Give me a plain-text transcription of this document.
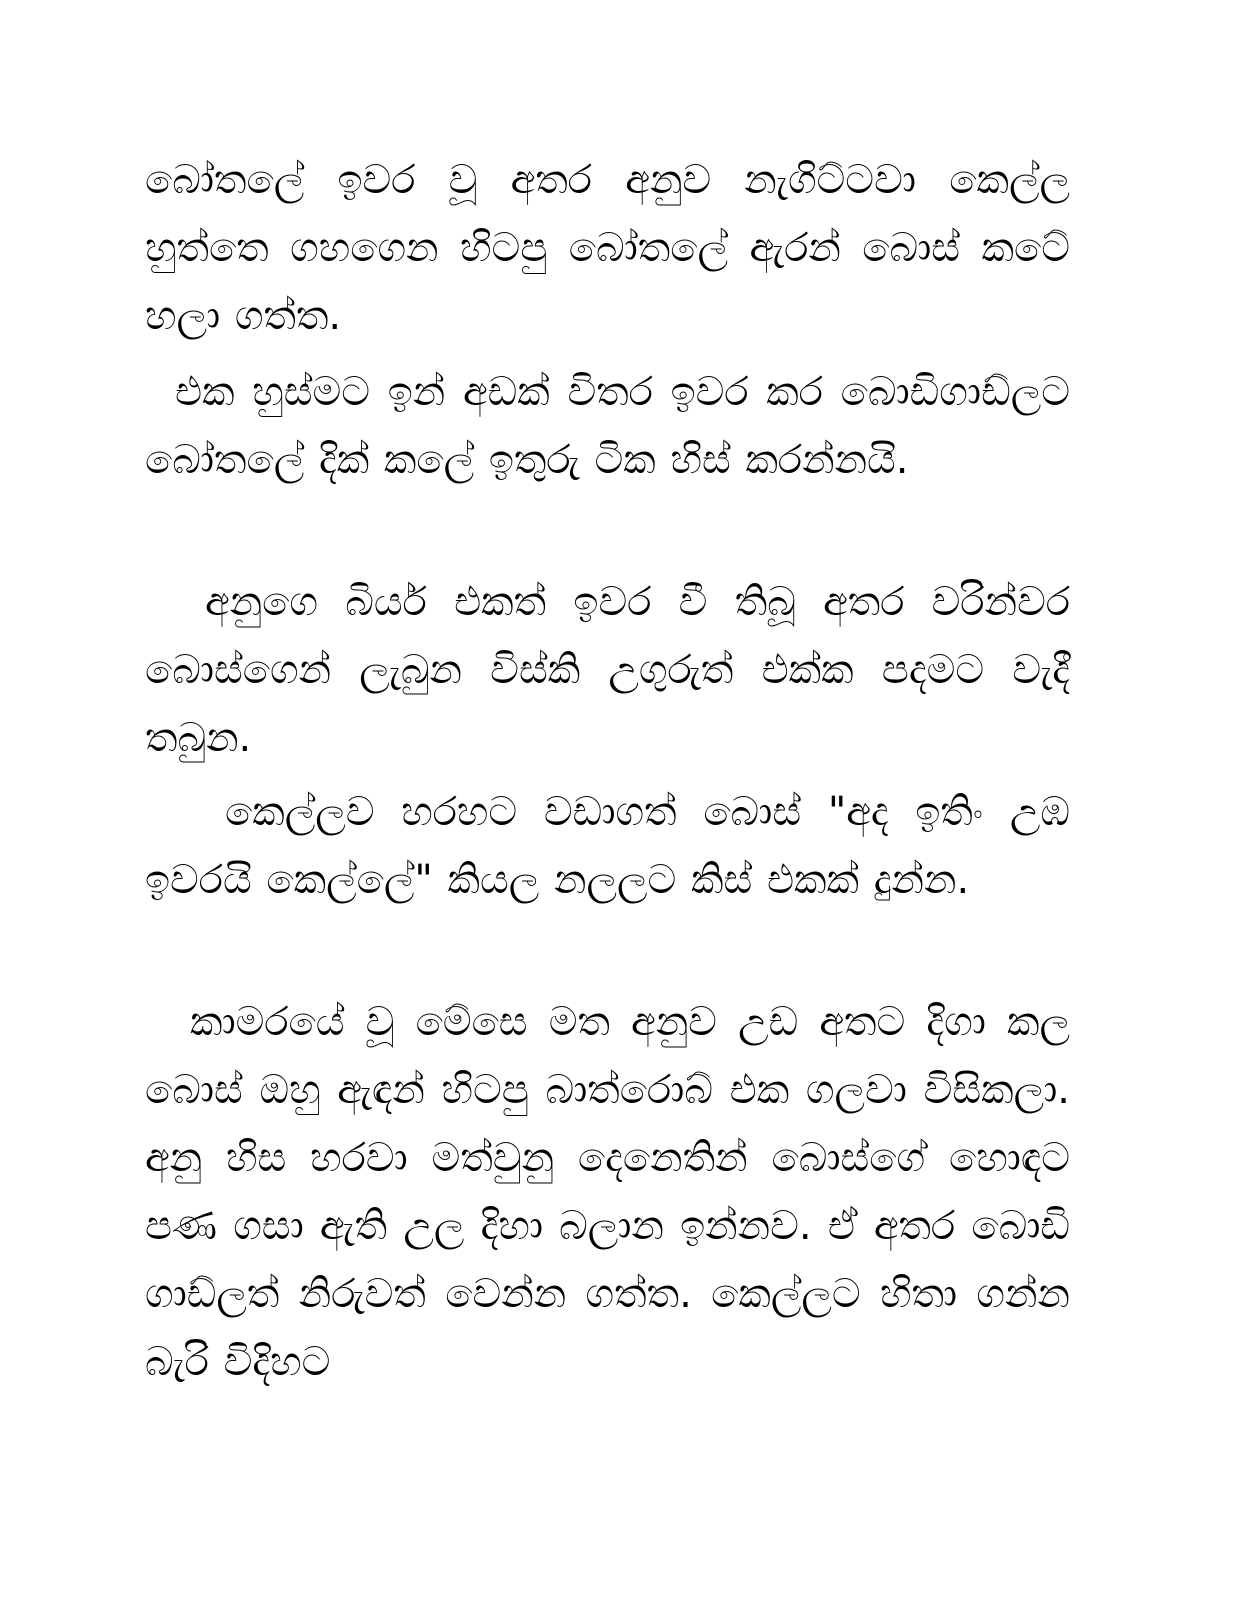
බෝතලේ ඉවර වූ අතර අනුව නැගිට්ටවා කෙල්ල හුත්තෙ ගහගෙන හිටපු බෝතලේ ඇරන් බොස් කටේ හලා ගත්ත.

එක හුස්මට ඉන් අඩක් විතර ඉවර කර බොඩිගාඩ්ලට බෝතලේ දික් කලේ ඉතුරු ටික හිස් කරන්නයි.

අනුගෙ බියර් එකත් ඉවර වී තිබූ අතර වරින්වර බොස්ගෙන් ලැබුන විස්කි උගුරුත් එක්ක පදමට වැදී තබුන.

කෙල්ලව හරහට වඩාගත් බොස් "අද ඉතිං උඹ ඉවරයි කෙල්ලේ" කියල නලලට කිස් එකක් දුන්න.

කාමරයේ වූ මේසෙ මත අනුව උඩ අතට දිගා කල බොස් ඔහු ඇඳන් හිටපු බාත්රොබ් එක ගලවා විසිකලා. අනු හිස හරවා මත්වුනු දෙනෙතින් බොස්ගේ හොඳට පණ ගසා ඇති උල දිහා බලාන ඉන්නව. ඒ අතර බොඩි ගාඩ්ලත් නිරුවත් වෙන්න ගත්ත. කෙල්ලට හිතා ගන්න බැරි විදිහට
